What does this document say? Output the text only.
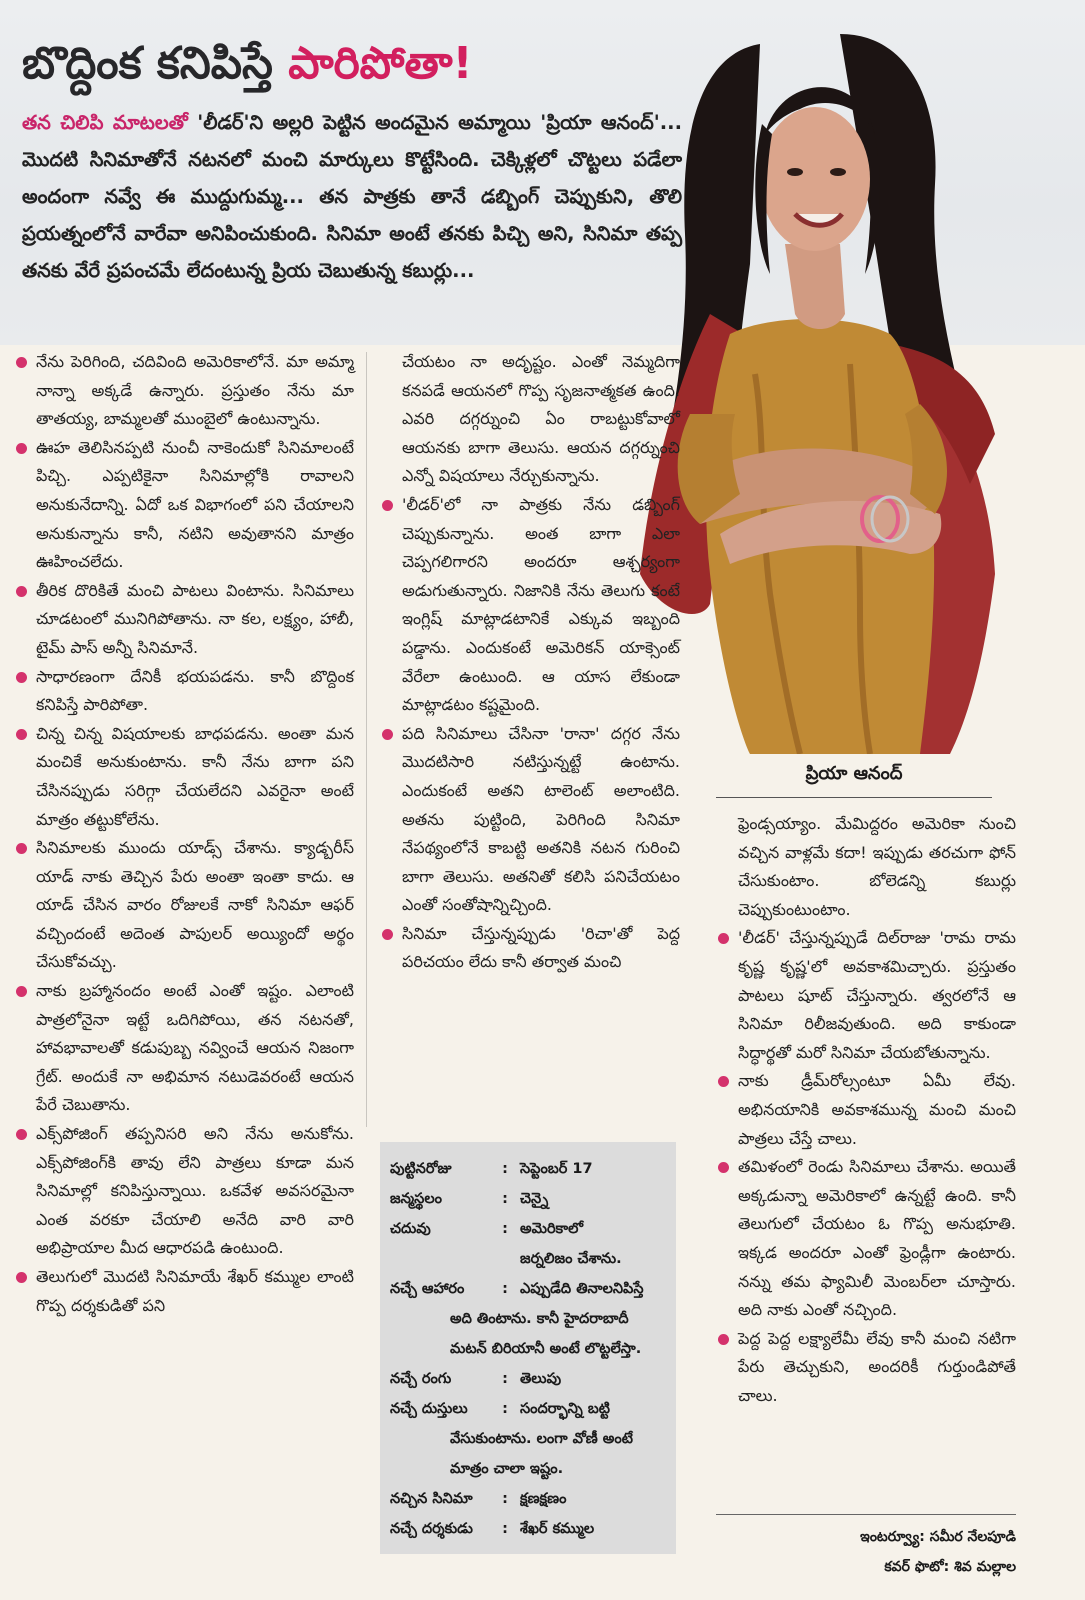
బొద్దింక కనిపిస్తే పారిపోతా!
తన చిలిపి మాటలతో 'లీడర్'ని అల్లరి పెట్టిన అందమైన అమ్మాయి 'ప్రియా ఆనంద్'... మొదటి సినిమాతోనే నటనలో మంచి మార్కులు కొట్టేసింది. చెక్కిళ్లలో చొట్టలు పడేలా అందంగా నవ్వే ఈ ముద్దుగుమ్మ... తన పాత్రకు తానే డబ్బింగ్ చెప్పుకుని, తొలి ప్రయత్నంలోనే వారేవా అనిపించుకుంది. సినిమా అంటే తనకు పిచ్చి అని, సినిమా తప్ప తనకు వేరే ప్రపంచమే లేదంటున్న ప్రియ చెబుతున్న కబుర్లు...
ప్రియా ఆనంద్
నేను పెరిగింది, చదివింది అమెరికాలోనే. మా అమ్మా నాన్నా అక్కడే ఉన్నారు. ప్రస్తుతం నేను మా తాతయ్య, బామ్మలతో ముంబైలో ఉంటున్నాను.
ఊహ తెలిసినప్పటి నుంచీ నాకెందుకో సినిమాలంటే పిచ్చి. ఎప్పటికైనా సినిమాల్లోకి రావాలని అనుకునేదాన్ని. ఏదో ఒక విభాగంలో పని చేయాలని అనుకున్నాను కానీ, నటిని అవుతానని మాత్రం ఊహించలేదు.
తీరిక దొరికితే మంచి పాటలు వింటాను. సినిమాలు చూడటంలో మునిగిపోతాను. నా కల, లక్ష్యం, హాబీ, టైమ్ పాస్ అన్నీ సినిమానే.
సాధారణంగా దేనికీ భయపడను. కానీ బొద్దింక కనిపిస్తే పారిపోతా.
చిన్న చిన్న విషయాలకు బాధపడను. అంతా మన మంచికే అనుకుంటాను. కానీ నేను బాగా పని చేసినప్పుడు సరిగ్గా చేయలేదని ఎవరైనా అంటే మాత్రం తట్టుకోలేను.
సినిమాలకు ముందు యాడ్స్ చేశాను. క్యాడ్బరీస్ యాడ్ నాకు తెచ్చిన పేరు అంతా ఇంతా కాదు. ఆ యాడ్ చేసిన వారం రోజులకే నాకో సినిమా ఆఫర్ వచ్చిందంటే అదెంత పాపులర్ అయ్యిందో అర్థం చేసుకోవచ్చు.
నాకు బ్రహ్మానందం అంటే ఎంతో ఇష్టం. ఎలాంటి పాత్రలోనైనా ఇట్టే ఒదిగిపోయి, తన నటనతో, హావభావాలతో కడుపుబ్బ నవ్వించే ఆయన నిజంగా గ్రేట్. అందుకే నా అభిమాన నటుడెవరంటే ఆయన పేరే చెబుతాను.
ఎక్స్‌పోజింగ్ తప్పనిసరి అని నేను అనుకోను. ఎక్స్‌పోజింగ్‌కి తావు లేని పాత్రలు కూడా మన సినిమాల్లో కనిపిస్తున్నాయి. ఒకవేళ అవసరమైనా ఎంత వరకూ చేయాలి అనేది వారి వారి అభిప్రాయాల మీద ఆధారపడి ఉంటుంది.
తెలుగులో మొదటి సినిమాయే శేఖర్ కమ్ముల లాంటి గొప్ప దర్శకుడితో పని
చేయటం నా అదృష్టం. ఎంతో నెమ్మదిగా కనపడే ఆయనలో గొప్ప సృజనాత్మకత ఉంది. ఎవరి దగ్గర్నుంచి ఏం రాబట్టుకోవాలో ఆయనకు బాగా తెలుసు. ఆయన దగ్గర్నుంచి ఎన్నో విషయాలు నేర్చుకున్నాను.
'లీడర్'లో నా పాత్రకు నేను డబ్బింగ్ చెప్పుకున్నాను. అంత బాగా ఎలా చెప్పగలిగారని అందరూ ఆశ్చర్యంగా అడుగుతున్నారు. నిజానికి నేను తెలుగు కంటే ఇంగ్లిష్ మాట్లాడటానికే ఎక్కువ ఇబ్బంది పడ్డాను. ఎందుకంటే అమెరికన్ యాక్సెంట్ వేరేలా ఉంటుంది. ఆ యాస లేకుండా మాట్లాడటం కష్టమైంది.
పది సినిమాలు చేసినా 'రానా' దగ్గర నేను మొదటిసారి నటిస్తున్నట్టే ఉంటాను. ఎందుకంటే అతని టాలెంట్ అలాంటిది. అతను పుట్టింది, పెరిగింది సినిమా నేపథ్యంలోనే కాబట్టి అతనికి నటన గురించి బాగా తెలుసు. అతనితో కలిసి పనిచేయటం ఎంతో సంతోషాన్నిచ్చింది.
సినిమా చేస్తున్నప్పుడు 'రిచా'తో పెద్ద పరిచయం లేదు కానీ తర్వాత మంచి
పుట్టినరోజు	: సెప్టెంబర్ 17
జన్మస్థలం	: చెన్నై
చదువు	: అమెరికాలో
జర్నలిజం చేశాను.
నచ్చే ఆహారం	: ఎప్పుడేది తినాలనిపిస్తే
అది తింటాను. కానీ హైదరాబాదీ
మటన్ బిరియానీ అంటే లొట్టలేస్తా.
నచ్చే రంగు	: తెలుపు
నచ్చే దుస్తులు	: సందర్భాన్ని బట్టి
వేసుకుంటాను. లంగా వోణీ అంటే
మాత్రం చాలా ఇష్టం.
నచ్చిన సినిమా	: క్షణక్షణం
నచ్చే దర్శకుడు	: శేఖర్ కమ్ముల
ఫ్రెండ్సయ్యాం. మేమిద్దరం అమెరికా నుంచి వచ్చిన వాళ్లమే కదా! ఇప్పుడు తరచుగా ఫోన్ చేసుకుంటాం. బోలెడన్ని కబుర్లు చెప్పుకుంటుంటాం.
'లీడర్' చేస్తున్నప్పుడే దిల్‌రాజు 'రామ రామ కృష్ణ కృష్ణ'లో అవకాశమిచ్చారు. ప్రస్తుతం పాటలు షూట్ చేస్తున్నారు. త్వరలోనే ఆ సినిమా రిలీజవుతుంది. అది కాకుండా సిద్ధార్థతో మరో సినిమా చేయబోతున్నాను.
నాకు డ్రీమ్‌రోల్సంటూ ఏమీ లేవు. అభినయానికి అవకాశమున్న మంచి మంచి పాత్రలు చేస్తే చాలు.
తమిళంలో రెండు సినిమాలు చేశాను. అయితే అక్కడున్నా అమెరికాలో ఉన్నట్టే ఉంది. కానీ తెలుగులో చేయటం ఓ గొప్ప అనుభూతి. ఇక్కడ అందరూ ఎంతో ఫ్రెండ్లీగా ఉంటారు. నన్ను తమ ఫ్యామిలీ మెంబర్‌లా చూస్తారు. అది నాకు ఎంతో నచ్చింది.
పెద్ద పెద్ద లక్ష్యాలేమీ లేవు కానీ మంచి నటిగా పేరు తెచ్చుకుని, అందరికీ గుర్తుండిపోతే చాలు.
ఇంటర్వ్యూ: సమీర నేలపూడి
కవర్ ఫొటో: శివ మల్లాల
